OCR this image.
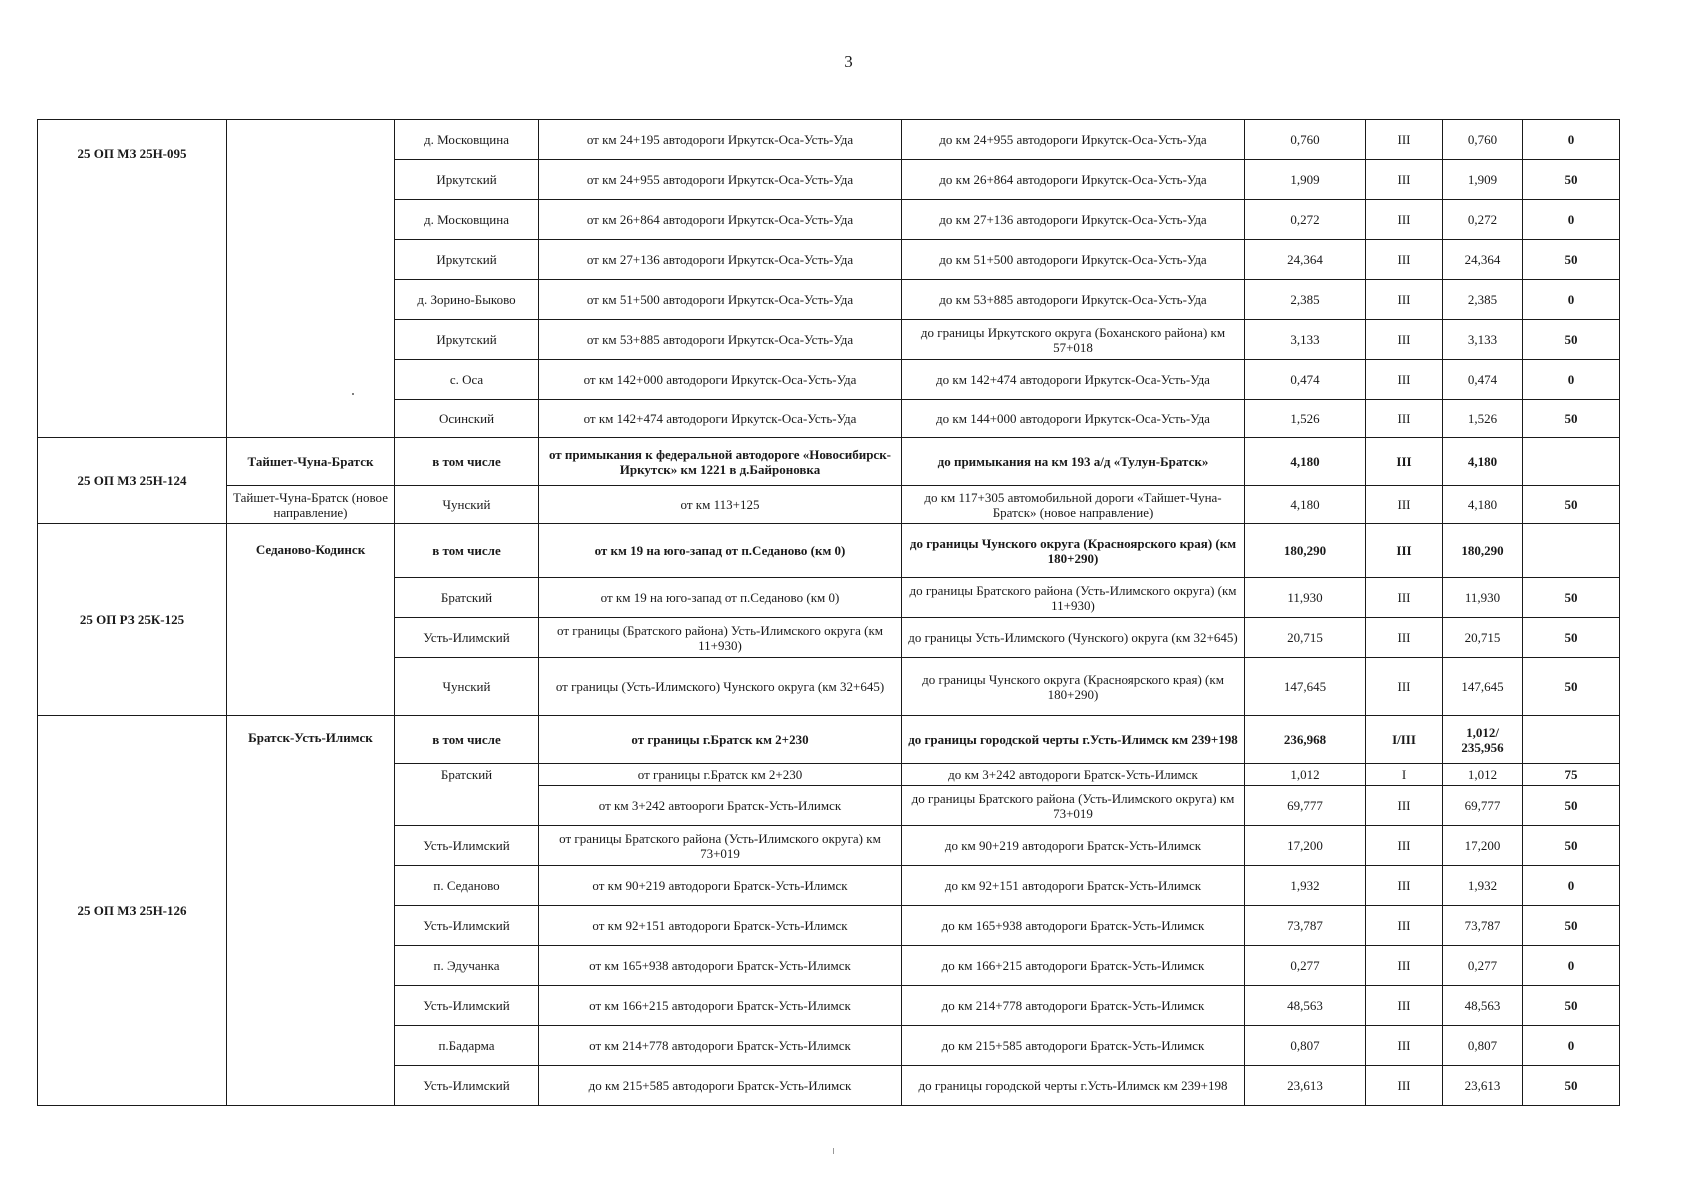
3
25 ОП МЗ 25Н-095		д. Московщина	от км 24+195 автодороги Иркутск-Оса-Усть-Уда	до км 24+955 автодороги Иркутск-Оса-Усть-Уда	0,760	III	0,760	0
		Иркутский	от км 24+955 автодороги Иркутск-Оса-Усть-Уда	до км 26+864 автодороги Иркутск-Оса-Усть-Уда	1,909	III	1,909	50
		д. Московщина	от км 26+864 автодороги Иркутск-Оса-Усть-Уда	до км 27+136 автодороги Иркутск-Оса-Усть-Уда	0,272	III	0,272	0
		Иркутский	от км 27+136 автодороги Иркутск-Оса-Усть-Уда	до км 51+500 автодороги Иркутск-Оса-Усть-Уда	24,364	III	24,364	50
		д. Зорино-Быково	от км 51+500 автодороги Иркутск-Оса-Усть-Уда	до км 53+885 автодороги Иркутск-Оса-Усть-Уда	2,385	III	2,385	0
		Иркутский	от км 53+885 автодороги Иркутск-Оса-Усть-Уда	до границы Иркутского округа (Боханского района) км 57+018	3,133	III	3,133	50
		с. Оса	от км 142+000 автодороги Иркутск-Оса-Усть-Уда	до км 142+474 автодороги Иркутск-Оса-Усть-Уда	0,474	III	0,474	0
		Осинский	от км 142+474 автодороги Иркутск-Оса-Усть-Уда	до км 144+000 автодороги Иркутск-Оса-Усть-Уда	1,526	III	1,526	50
25 ОП МЗ 25Н-124	Тайшет-Чуна-Братск	в том числе	от примыкания к федеральной автодороге «Новосибирск-Иркутск» км 1221 в д.Байроновка	до примыкания на км 193 а/д «Тулун-Братск»	4,180	III	4,180	
	Тайшет-Чуна-Братск (новое направление)	Чунский	от км 113+125	до км 117+305 автомобильной дороги «Тайшет-Чуна-Братск» (новое направление)	4,180	III	4,180	50
25 ОП РЗ 25К-125	Седаново-Кодинск	в том числе	от км 19 на юго-запад от п.Седаново (км 0)	до границы Чунского округа (Красноярского края) (км 180+290)	180,290	III	180,290	
		Братский	от км 19 на юго-запад от п.Седаново (км 0)	до границы Братского района (Усть-Илимского округа) (км 11+930)	11,930	III	11,930	50
		Усть-Илимский	от границы (Братского района) Усть-Илимского округа (км 11+930)	до границы Усть-Илимского (Чунского) округа (км 32+645)	20,715	III	20,715	50
		Чунский	от границы (Усть-Илимского) Чунского округа (км 32+645)	до границы Чунского округа (Красноярского края) (км 180+290)	147,645	III	147,645	50
25 ОП МЗ 25Н-126	Братск-Усть-Илимск	в том числе	от границы г.Братск км 2+230	до границы городской черты г.Усть-Илимск км 239+198	236,968	I/III	1,012/ 235,956	
		Братский	от границы г.Братск км 2+230	до км 3+242 автодороги Братск-Усть-Илимск	1,012	I	1,012	75
			от км 3+242 автоороги Братск-Усть-Илимск	до границы Братского района (Усть-Илимского округа) км 73+019	69,777	III	69,777	50
		Усть-Илимский	от границы Братского района (Усть-Илимского округа) км 73+019	до км 90+219 автодороги Братск-Усть-Илимск	17,200	III	17,200	50
		п. Седаново	от км 90+219 автодороги Братск-Усть-Илимск	до км 92+151 автодороги Братск-Усть-Илимск	1,932	III	1,932	0
		Усть-Илимский	от км 92+151 автодороги Братск-Усть-Илимск	до км 165+938 автодороги Братск-Усть-Илимск	73,787	III	73,787	50
		п. Эдучанка	от км 165+938 автодороги Братск-Усть-Илимск	до км 166+215 автодороги Братск-Усть-Илимск	0,277	III	0,277	0
		Усть-Илимский	от км 166+215 автодороги Братск-Усть-Илимск	до км 214+778 автодороги Братск-Усть-Илимск	48,563	III	48,563	50
		п.Бадарма	от км 214+778 автодороги Братск-Усть-Илимск	до км 215+585 автодороги Братск-Усть-Илимск	0,807	III	0,807	0
		Усть-Илимский	до км 215+585 автодороги Братск-Усть-Илимск	до границы городской черты г.Усть-Илимск км 239+198	23,613	III	23,613	50
